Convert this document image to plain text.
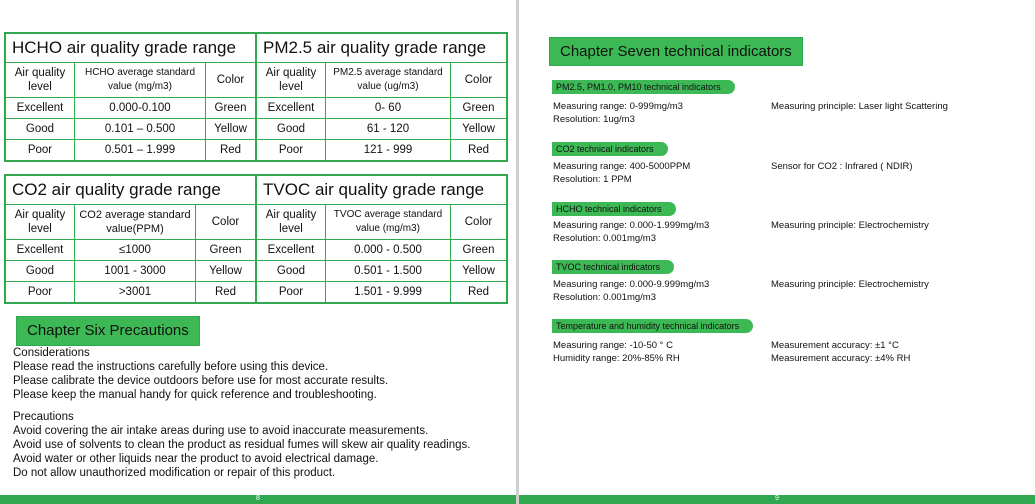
HCHO air quality grade range		
Air quality level	HCHO average standard value (mg/m3)	Color
Excellent	0.000-0.100	Green
Good	0.101 – 0.500	Yellow
Poor	0.501 – 1.999	Red
PM2.5 air quality grade range		
Air quality level	PM2.5 average standard value (ug/m3)	Color
Excellent	0- 60	Green
Good	61 - 120	Yellow
Poor	121 - 999	Red
CO2 air quality grade range		
Air quality level	CO2 average standard value(PPM)	Color
Excellent	≤1000	Green
Good	1001 - 3000	Yellow
Poor	>3001	Red
TVOC air quality grade range		
Air quality level	TVOC average standard value (mg/m3)	Color
Excellent	0.000 - 0.500	Green
Good	0.501 - 1.500	Yellow
Poor	1.501 - 9.999	Red
Chapter Six Precautions
Considerations
Please read the instructions carefully before using this device.
Please calibrate the device outdoors before use for most accurate results.
Please keep the manual handy for quick reference and troubleshooting.
Precautions
Avoid covering the air intake areas during use to avoid inaccurate measurements.
Avoid use of solvents to clean the product as residual fumes will skew air quality readings.
Avoid water or other liquids near the product to avoid electrical damage.
Do not allow unauthorized modification or repair of this product.
8
Chapter Seven technical indicators
PM2.5, PM1.0, PM10 technical indicators
Measuring range: 0-999mg/m3
Resolution: 1ug/m3
Measuring principle: Laser light Scattering
CO2 technical indicators
Measuring range: 400-5000PPM
Resolution: 1 PPM
Sensor for CO2 : Infrared ( NDIR)
HCHO technical indicators
Measuring range: 0.000-1.999mg/m3
Resolution: 0.001mg/m3
Measuring principle: Electrochemistry
TVOC technical indicators
Measuring range: 0.000-9.999mg/m3
Resolution: 0.001mg/m3
Measuring principle: Electrochemistry
Temperature and humidity technical indicators
Measuring range: -10-50 ° C
Humidity range: 20%-85% RH
Measurement accuracy: ±1 °C
Measurement accuracy: ±4% RH
9
